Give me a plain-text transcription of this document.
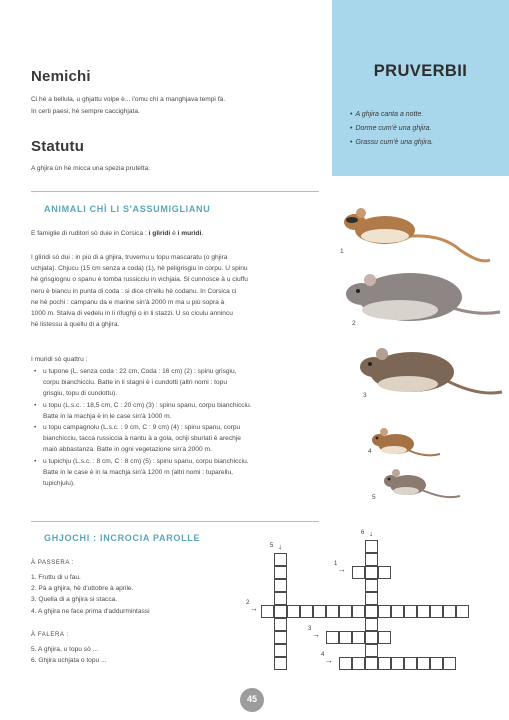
Nemichi
Ci hè a bellula, u ghjattu volpe è... l'omu chì a manghjava tempi fà.
In certi paesi, hè sempre caccighjata.
Statutu
A ghjira ùn hè micca una spezia prutetta.
PRUVERBII
• A ghjira canta a notte.
• Dorme cum'è una ghjira.
• Grassu cum'è una ghjira.
ANIMALI CHÌ LI S'ASSUMIGLIANU
E famiglie di ruditori sò duie in Corsica : i glìridi è i muridi.
I glìridi sò dui : in più di a ghjira, truvemu u topu mascaratu (o ghjira
uchjata). Chjucu (15 cm senza a coda) (1), hè peligrisgiu in corpu. U spinu
hè grisgiognu o spanu è tomba russicciu in vichjaia. Si cunnosce à u ciuffu
neru è biancu in punta di coda : si dice ch'ellu hè codanu. In Corsica ci
ne hè pochi : campanu da e marine sin'à 2000 m ma u più sopra à
1000 m. Stalva di vedelu in li rifughji o in li stazzi. U so ciculu annincu
hè listessu à quellu di a ghjira.
I muridi sò quattru :
• u tupone (L. senza coda : 22 cm, Coda : 16 cm) (2) : spinu grisgiu,
corpu bianchicciu. Batte in li stagni è i cundotti (altri nomi : topu
grisgiu, topu di cundottu).
• u topu (L.s.c. : 18,5 cm, C : 20 cm) (3) : spinu spanu, corpu bianchicciu.
Batte in la machja è in le case sin'à 1000 m.
• u topu campagnolu (L.s.c. : 9 cm, C : 9 cm) (4) : spinu spanu, corpu
bianchicciu, tacca russiccia à nantu à a gola, ochji sburlati è arechje
maiò abbastanza. Batte in ogni vegetazione sin'à 2000 m.
• u tupichju (L.s.c. : 8 cm, C : 8 cm) (5) : spinu spanu, corpu bianchicciu.
Batte in le case è in la machja sin'à 1200 m (altri nomi : tuparellu,
tupichjulu).
1
2
3
4
5
GHJOCHI : INCROCIA PAROLLE
À PASSERA :
1. Fruttu di u fau.
2. Pà a ghjira, hè d'uttobre à aprile.
3. Quella di a ghjira si stacca.
4. A ghjira ne face prima d'addurmintassi
À FALERA :
5. A ghjira, u topu sò ...
6. Ghjira uchjata o topu ...
5 ↓
6 ↓
1
→
2
→
3
→
4
→
45
